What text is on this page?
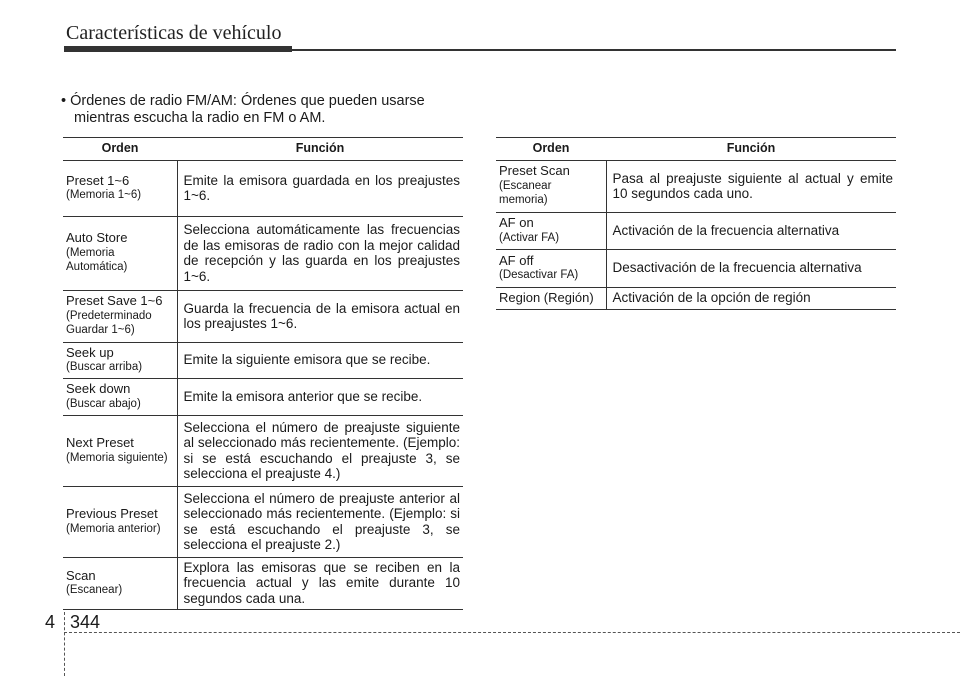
Características de vehículo
• Órdenes de radio FM/AM: Órdenes que pueden usarse
mientras escucha la radio en FM o AM.
Orden	Función
Preset 1~6
(Memoria 1~6)	Emite la emisora guardada en los preajustes 1~6.
Auto Store
(Memoria Automática)	Selecciona automáticamente las frecuencias de las emisoras de radio con la mejor calidad de recepción y las guarda en los preajustes 1~6.
Preset Save 1~6
(Predeterminado Guardar 1~6)	Guarda la frecuencia de la emisora actual en los preajustes 1~6.
Seek up
(Buscar arriba)	Emite la siguiente emisora que se recibe.
Seek down
(Buscar abajo)	Emite la emisora anterior que se recibe.
Next Preset
(Memoria siguiente)	Selecciona el número de preajuste siguiente al seleccionado más recientemente. (Ejemplo: si se está escuchando el preajuste 3, se selecciona el preajuste 4.)
Previous Preset
(Memoria anterior)	Selecciona el número de preajuste anterior al seleccionado más recientemente. (Ejemplo: si se está escuchando el preajuste 3, se selecciona el preajuste 2.)
Scan
(Escanear)	Explora las emisoras que se reciben en la frecuencia actual y las emite durante 10 segundos cada una.
Orden	Función
Preset Scan
(Escanear memoria)	Pasa al preajuste siguiente al actual y emite 10 segundos cada uno.
AF on
(Activar FA)	Activación de la frecuencia alternativa
AF off
(Desactivar FA)	Desactivación de la frecuencia alternativa
Region (Región)	Activación de la opción de región
4 344
